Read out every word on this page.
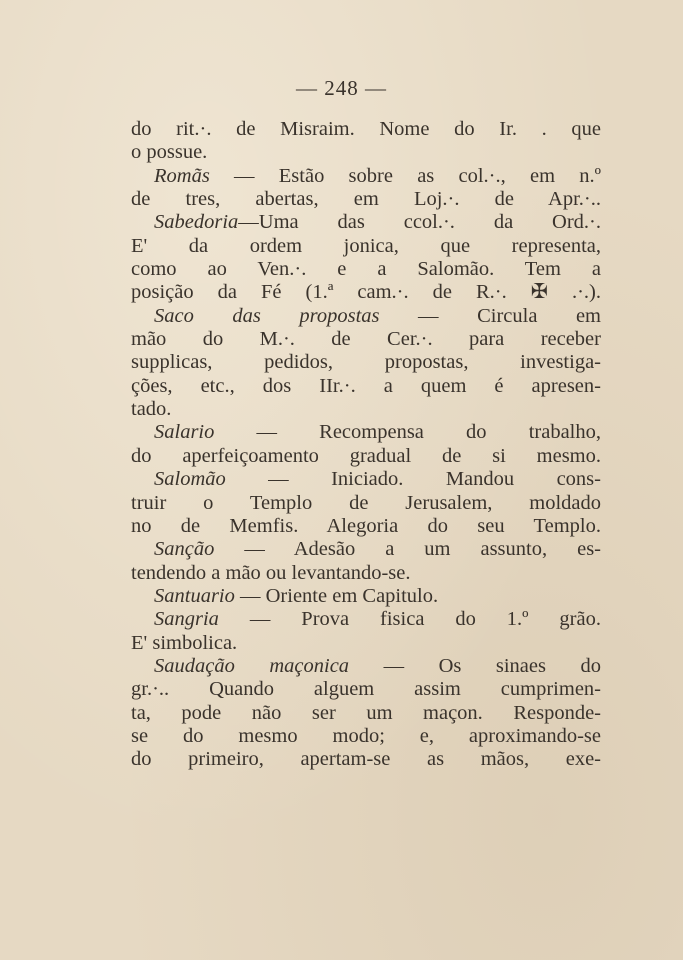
— 248 —
do rit.·. de Misraim. Nome do Ir. . que
o possue.
Romãs — Estão sobre as col.·., em n.º
de tres, abertas, em Loj.·. de Apr.·..
Sabedoria—Uma das ccol.·. da Ord.·.
E' da ordem jonica, que representa,
como ao Ven.·. e a Salomão. Tem a
posição da Fé (1.ª cam.·. de R.·. ✠ .·.).
Saco das propostas — Circula em
mão do M.·. de Cer.·. para receber
supplicas, pedidos, propostas, investiga-
ções, etc., dos IIr.·. a quem é apresen-
tado.
Salario — Recompensa do trabalho,
do aperfeiçoamento gradual de si mesmo.
Salomão — Iniciado. Mandou cons-
truir o Templo de Jerusalem, moldado
no de Memfis. Alegoria do seu Templo.
Sanção — Adesão a um assunto, es-
tendendo a mão ou levantando-se.
Santuario — Oriente em Capitulo.
Sangria — Prova fisica do 1.º grão.
E' simbolica.
Saudação maçonica — Os sinaes do
gr.·.. Quando alguem assim cumprimen-
ta, pode não ser um maçon. Responde-
se do mesmo modo; e, aproximando-se
do primeiro, apertam-se as mãos, exe-
